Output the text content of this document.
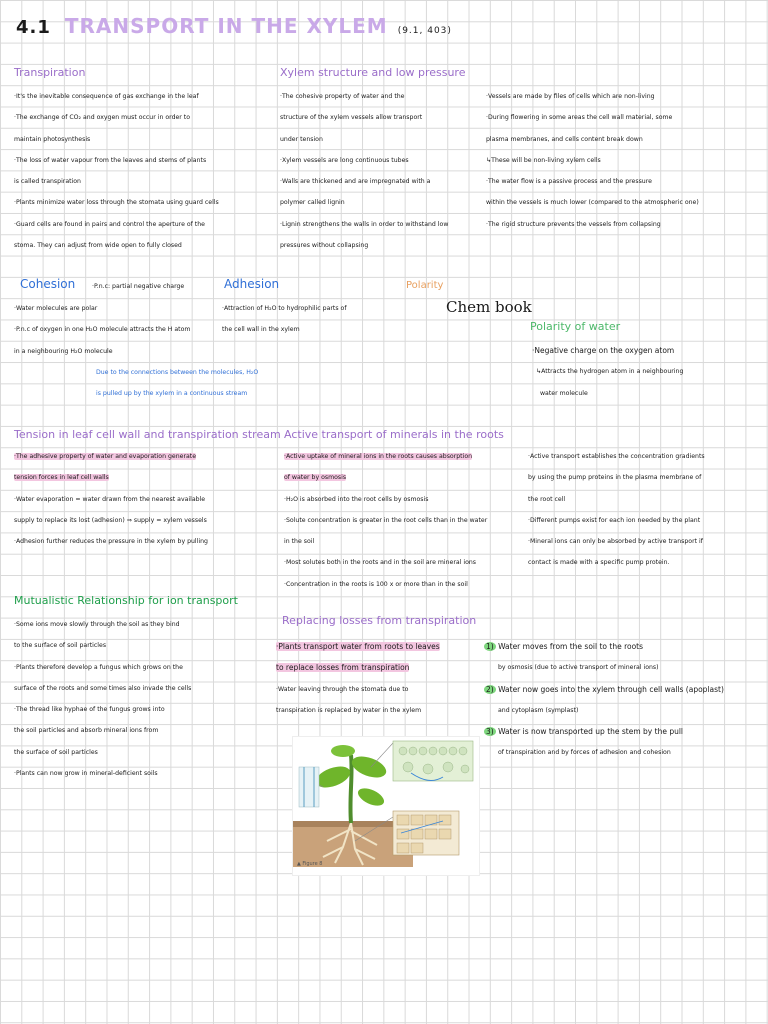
4.1 TRANSPORT IN THE XYLEM (9.1, 403)
Transpiration
·It's the inevitable consequence of gas exchange in the leaf
·The exchange of CO₂ and oxygen must occur in order to
maintain photosynthesis
·The loss of water vapour from the leaves and stems of plants
is called transpiration
·Plants minimize water loss through the stomata using guard cells
·Guard cells are found in pairs and control the aperture of the
stoma. They can adjust from wide open to fully closed
Xylem structure and low pressure
·The cohesive property of water and the
structure of the xylem vessels allow transport
under tension
·Xylem vessels are long continuous tubes
·Walls are thickened and are impregnated with a
polymer called lignin
·Lignin strengthens the walls in order to withstand low
pressures without collapsing
·Vessels are made by files of cells which are non-living
·During flowering in some areas the cell wall material, some
plasma membranes, and cells content break down
↳These will be non-living xylem cells
·The water flow is a passive process and the pressure
within the vessels is much lower (compared to the atmospheric one)
·The rigid structure prevents the vessels from collapsing
Cohesion	·P.n.c: partial negative charge
·Water molecules are polar
·P.n.c of oxygen in one H₂O molecule attracts the H atom
in a neighbouring H₂O molecule
Due to the connections between the molecules, H₂O
is pulled up by the xylem in a continuous stream
Adhesion
·Attraction of H₂O to hydrophilic parts of
the cell wall in the xylem
Polarity
Chem book
Polarity of water
·Negative charge on the oxygen atom
↳Attracts the hydrogen atom in a neighbouring
water molecule
Tension in leaf cell wall and transpiration stream
·The adhesive property of water and evaporation generate
tension forces in leaf cell walls
·Water evaporation = water drawn from the nearest available
supply to replace its lost (adhesion) ⇒ supply = xylem vessels
·Adhesion further reduces the pressure in the xylem by pulling
Active transport of minerals in the roots
·Active uptake of mineral ions in the roots causes absorption
of water by osmosis
·H₂O is absorbed into the root cells by osmosis
·Solute concentration is greater in the root cells than in the water
in the soil
·Most solutes both in the roots and in the soil are mineral ions
·Concentration in the roots is 100 x or more than in the soil
·Active transport establishes the concentration gradients
by using the pump proteins in the plasma membrane of
the root cell
·Different pumps exist for each ion needed by the plant
·Mineral ions can only be absorbed by active transport if
contact is made with a specific pump protein.
Mutualistic Relationship for ion transport
·Some ions move slowly through the soil as they bind
to the surface of soil particles
·Plants therefore develop a fungus which grows on the
surface of the roots and some times also invade the cells
·The thread like hyphae of the fungus grows into
the soil particles and absorb mineral ions from
the surface of soil particles
·Plants can now grow in mineral-deficient soils
Replacing losses from transpiration
·Plants transport water from roots to leaves
to replace losses from transpiration
·Water leaving through the stomata due to
transpiration is replaced by water in the xylem
1) Water moves from the soil to the roots
by osmosis (due to active transport of mineral ions)
2) Water now goes into the xylem through cell walls (apoplast)
and cytoplasm (symplast)
3) Water is now transported up the stem by the pull
of transpiration and by forces of adhesion and cohesion
▲ Figure 8
